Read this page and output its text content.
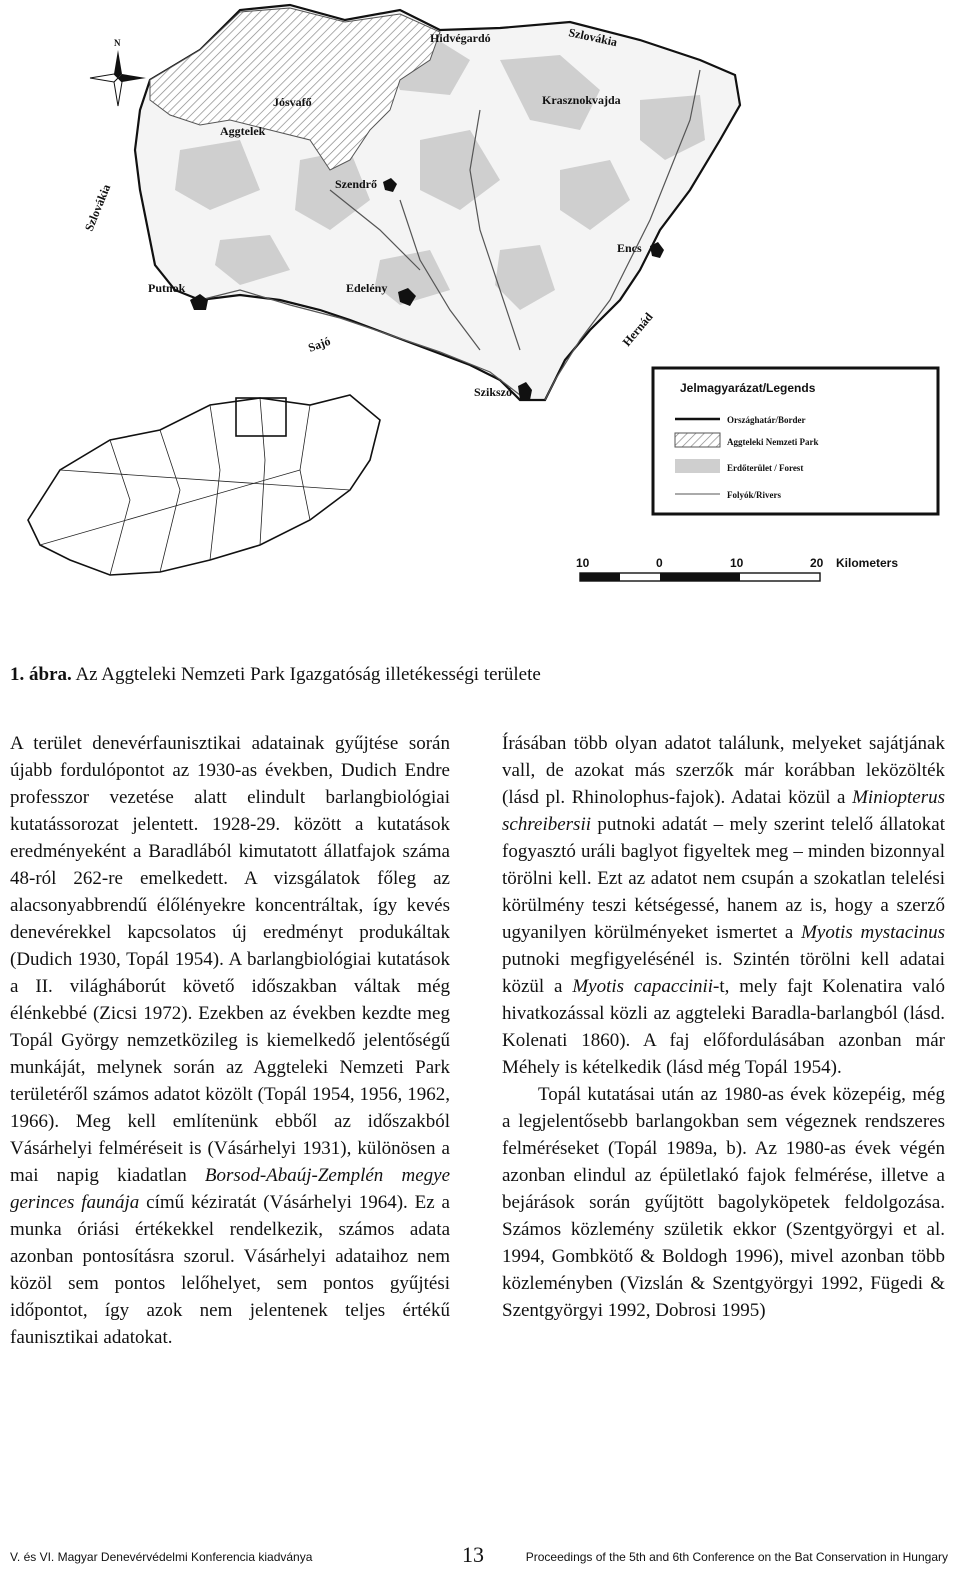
Hidvégardó	Szlovákia
Jósvafő
Aggtelek
Krasznokvajda
Szendrő
Szlovákia
Encs
Putnok	Edelény
Hernád
Sajó
Szikszó
N
Jelmagyarázat/Legends
Országhatár/Border
Aggteleki Nemzeti Park
Erdőterület / Forest
Folyók/Rivers
10	0	10	20 Kilometers
1. ábra. Az Aggteleki Nemzeti Park Igazgatóság illetékességi területe

A terület denevérfaunisztikai adatainak gyűjtése során újabb fordulópontot az 1930-as években, Dudich Endre professzor vezetése alatt elindult barlangbiológiai kutatássorozat jelentett. 1928-29. között a kutatások eredményeként a Baradlából kimutatott állatfajok száma 48-ról 262-re emelkedett. A vizsgálatok főleg az alacsonyabbrendű élőlényekre koncentráltak, így kevés denevérekkel kapcsolatos új eredményt produkáltak (Dudich 1930, Topál 1954). A barlangbiológiai kutatások a II. világháborút követő időszakban váltak még élénkebbé (Zicsi 1972). Ezekben az években kezdte meg Topál György nemzetközileg is kiemelkedő jelentőségű munkáját, melynek során az Aggteleki Nemzeti Park területéről számos adatot közölt (Topál 1954, 1956, 1962, 1966). Meg kell említenünk ebből az időszakból Vásárhelyi felméréseit is (Vásárhelyi 1931), különösen a mai napig kiadatlan Borsod-Abaúj-Zemplén megye gerinces faunája című kéziratát (Vásárhelyi 1964). Ez a munka óriási értékekkel rendelkezik, számos adata azonban pontosításra szorul. Vásárhelyi adataihoz nem közöl sem pontos lelőhelyet, sem pontos gyűjtési időpontot, így azok nem jelentenek teljes értékű faunisztikai adatokat.

Írásában több olyan adatot találunk, melyeket sajátjának vall, de azokat más szerzők már korábban leközölték (lásd pl. Rhinolophus-fajok). Adatai közül a Miniopterus schreibersii putnoki adatát – mely szerint telelő állatokat fogyasztó uráli baglyot figyeltek meg – minden bizonnyal törölni kell. Ezt az adatot nem csupán a szokatlan telelési körülmény teszi kétségessé, hanem az is, hogy a szerző ugyanilyen körülményeket ismertet a Myotis mystacinus putnoki megfigyelésénél is. Szintén törölni kell adatai közül a Myotis capaccinii-t, mely fajt Kolenatira való hivatkozással közli az aggteleki Baradla-barlangból (lásd. Kolenati 1860). A faj előfordulásában azonban már Méhely is kételkedik (lásd még Topál 1954).

Topál kutatásai után az 1980-as évek közepéig, még a legjelentősebb barlangokban sem végeznek rendszeres felméréseket (Topál 1989a, b). Az 1980-as évek végén azonban elindul az épületlakó fajok felmérése, illetve a bejárások során gyűjtött bagolyköpetek feldolgozása. Számos közlemény születik ekkor (Szentgyörgyi et al. 1994, Gombkötő & Boldogh 1996), mivel azonban több közleményben (Vizslán & Szentgyörgyi 1992, Fügedi & Szentgyörgyi 1992, Dobrosi 1995)

V. és VI. Magyar Denevérvédelmi Konferencia kiadványa	13	Proceedings of the 5th and 6th Conference on the Bat Conservation in Hungary
